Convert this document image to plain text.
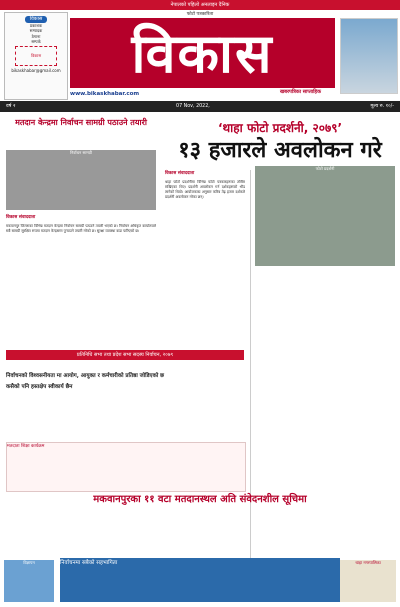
नेपालको पहिलो अनलाइन दैनिक
फोटो पत्रकारिता
विकास
प्रकाशक
सम्पादक
ठेगाना
सम्पर्क
विकास
bikaskhabar@gmail.com	विकास
खबरपत्रिका साप्ताहिक
www.bikaskhabar.com
वर्ष २	07 Nov, 2022,	मूल्य रु. १०/-
मतदान केन्द्रमा निर्वाचन सामग्री पठाउने तयारी	‘थाहा फोटो प्रदर्शनी, २०७९’
१३ हजारले अवलोकन गरे
निर्वाचन सामग्री
फोटो प्रदर्शनी
विकास संवाददाता
विकास संवाददाता
मकवानपुर जिल्लाका विभिन्न मतदान केन्द्रमा निर्वाचन सामग्री पठाउने तयारी भएको छ। निर्वाचन अधिकृत कार्यालयले सबै सामग्री सुरक्षित रूपमा मतदान केन्द्रसम्म पुर्‍याउने तयारी गरेको छ। सुरक्षा व्यवस्था कडा पारिएको छ।
थाहा फोटो प्रदर्शनीमा विभिन्न फोटो पत्रकारहरूका तस्बिर राखिएका थिए। प्रदर्शनी अवलोकन गर्न दर्शकहरूको भीड लागेको थियो। आयोजकका अनुसार करिब तेह्र हजार दर्शकले प्रदर्शनी अवलोकन गरेका छन्।
प्रतिनिधि सभा तथा प्रदेश सभा सदस्य निर्वाचन, २०७९
निर्वाचनको विश्वसनीयता मा आयोग, आयुक्त र कर्मचारीको प्रतिष्ठा जोडिएको छ
कसैको पनि हस्तक्षेप स्वीकार्य छैन
मतदाता शिक्षा कार्यक्रम
मकवानपुरका ११ वटा मतदानस्थल अति संवेदनशील सूचिमा
विज्ञापन	निर्वाचनमा सबैको सहभागिता	थाहा नगरपालिका
